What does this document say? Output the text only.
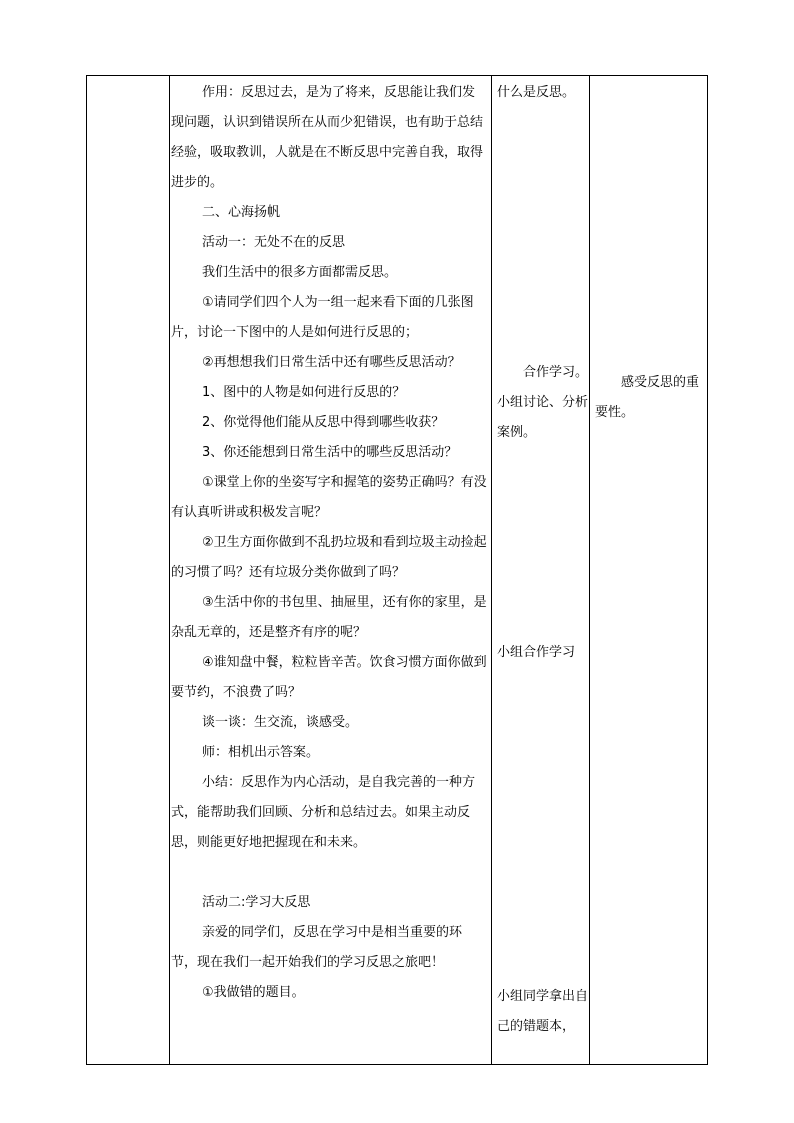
作用：反思过去，是为了将来，反思能让我们发现问题，认识到错误所在从而少犯错误，也有助于总结经验，吸取教训，人就是在不断反思中完善自我，取得进步的。

二、心海扬帆

活动一：无处不在的反思

我们生活中的很多方面都需反思。

①请同学们四个人为一组一起来看下面的几张图片，讨论一下图中的人是如何进行反思的；

②再想想我们日常生活中还有哪些反思活动？

1、图中的人物是如何进行反思的？

2、你觉得他们能从反思中得到哪些收获？

3、你还能想到日常生活中的哪些反思活动？

①课堂上你的坐姿写字和握笔的姿势正确吗？有没有认真听讲或积极发言呢？

②卫生方面你做到不乱扔垃圾和看到垃圾主动捡起的习惯了吗？还有垃圾分类你做到了吗？

③生活中你的书包里、抽屉里，还有你的家里，是杂乱无章的，还是整齐有序的呢？

④谁知盘中餐，粒粒皆辛苦。饮食习惯方面你做到要节约，不浪费了吗？

谈一谈：生交流，谈感受。

师：相机出示答案。

小结：反思作为内心活动，是自我完善的一种方式，能帮助我们回顾、分析和总结过去。如果主动反思，则能更好地把握现在和未来。

活动二:学习大反思

亲爱的同学们，反思在学习中是相当重要的环节，现在我们一起开始我们的学习反思之旅吧！

①我做错的题目。

什么是反思。
合作学习。
小组讨论、分析案例。
小组合作学习
小组同学拿出自己的错题本，
感受反思的重要性。
